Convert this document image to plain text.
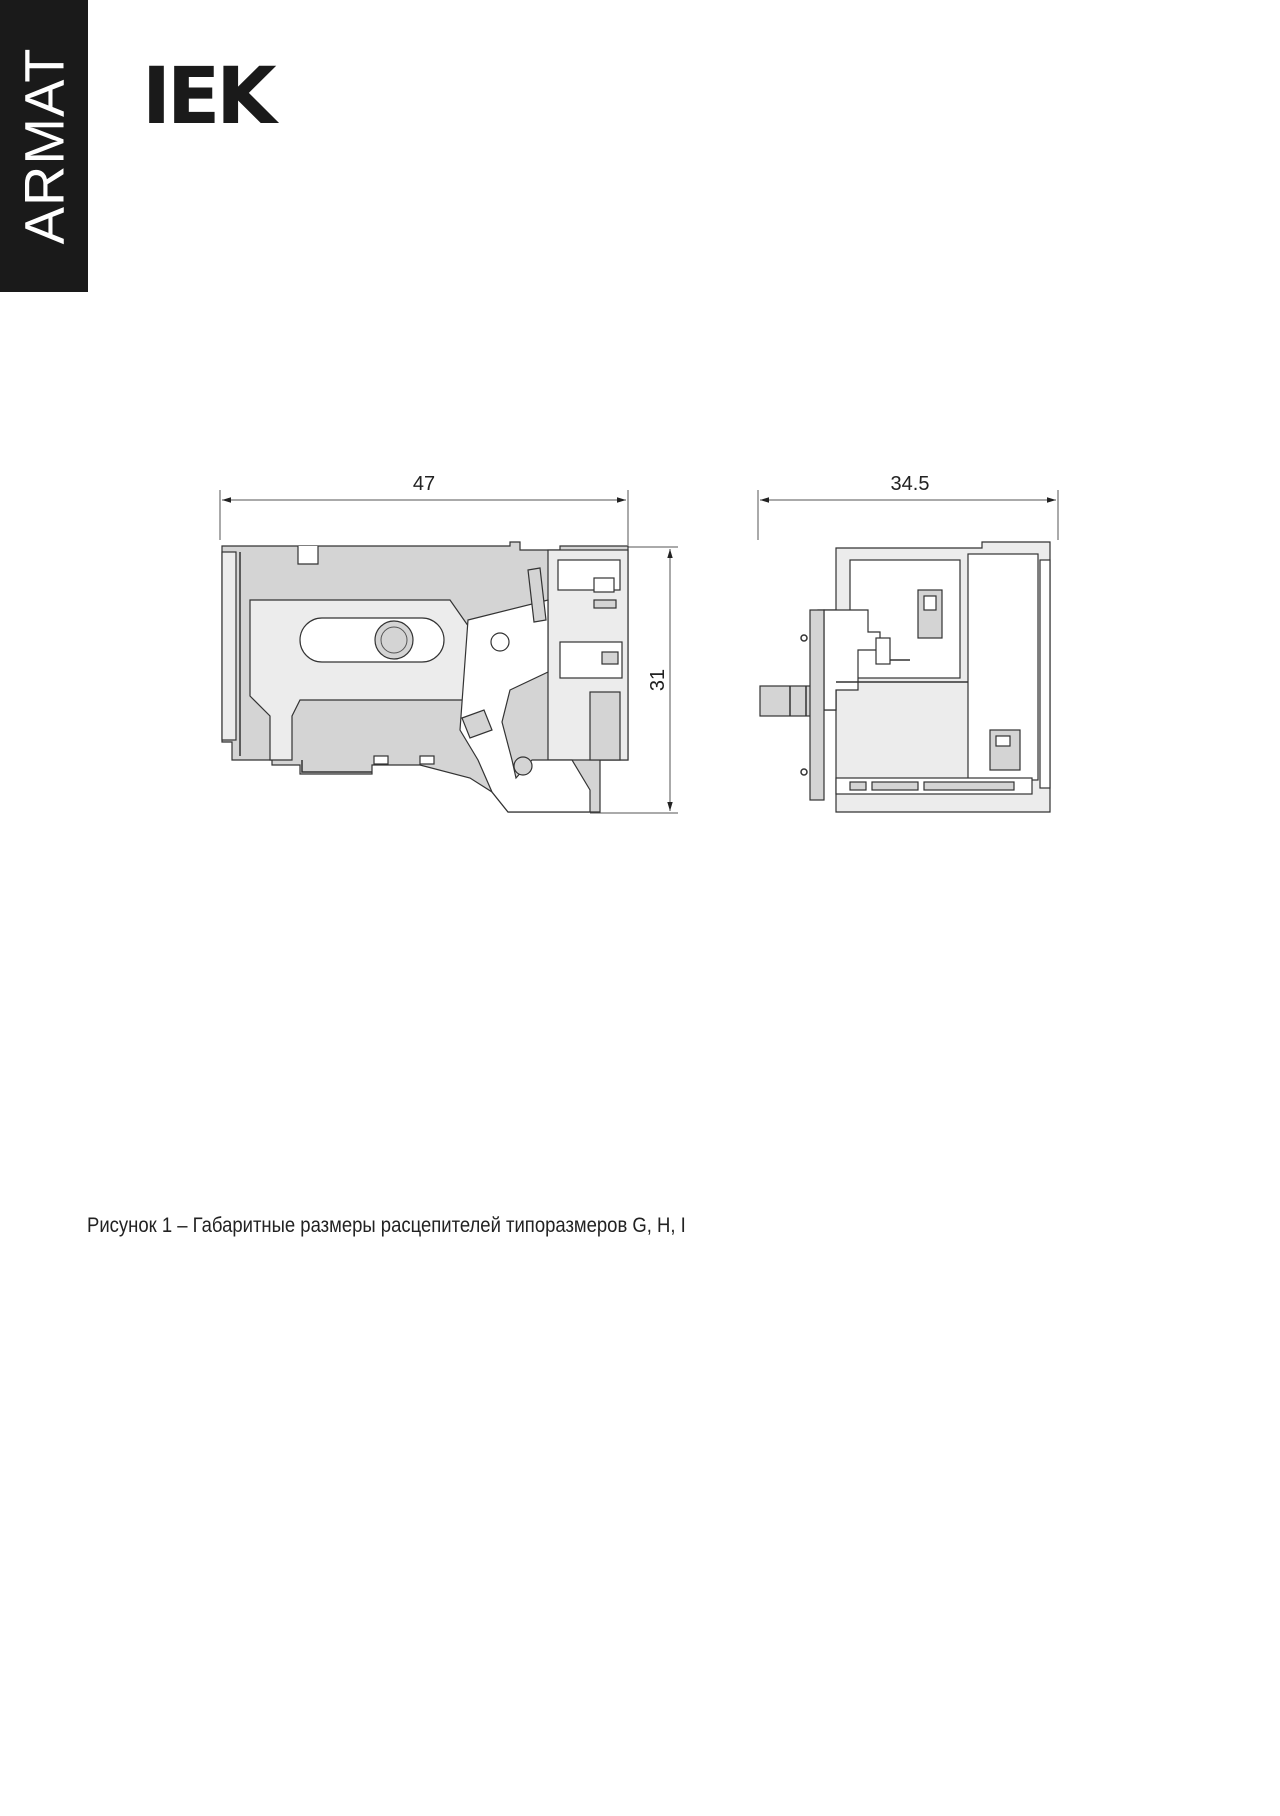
ARMAT IEK
47	34.5
31
Рисунок 1 – Габаритные размеры расцепителей типоразмеров G, H, I
